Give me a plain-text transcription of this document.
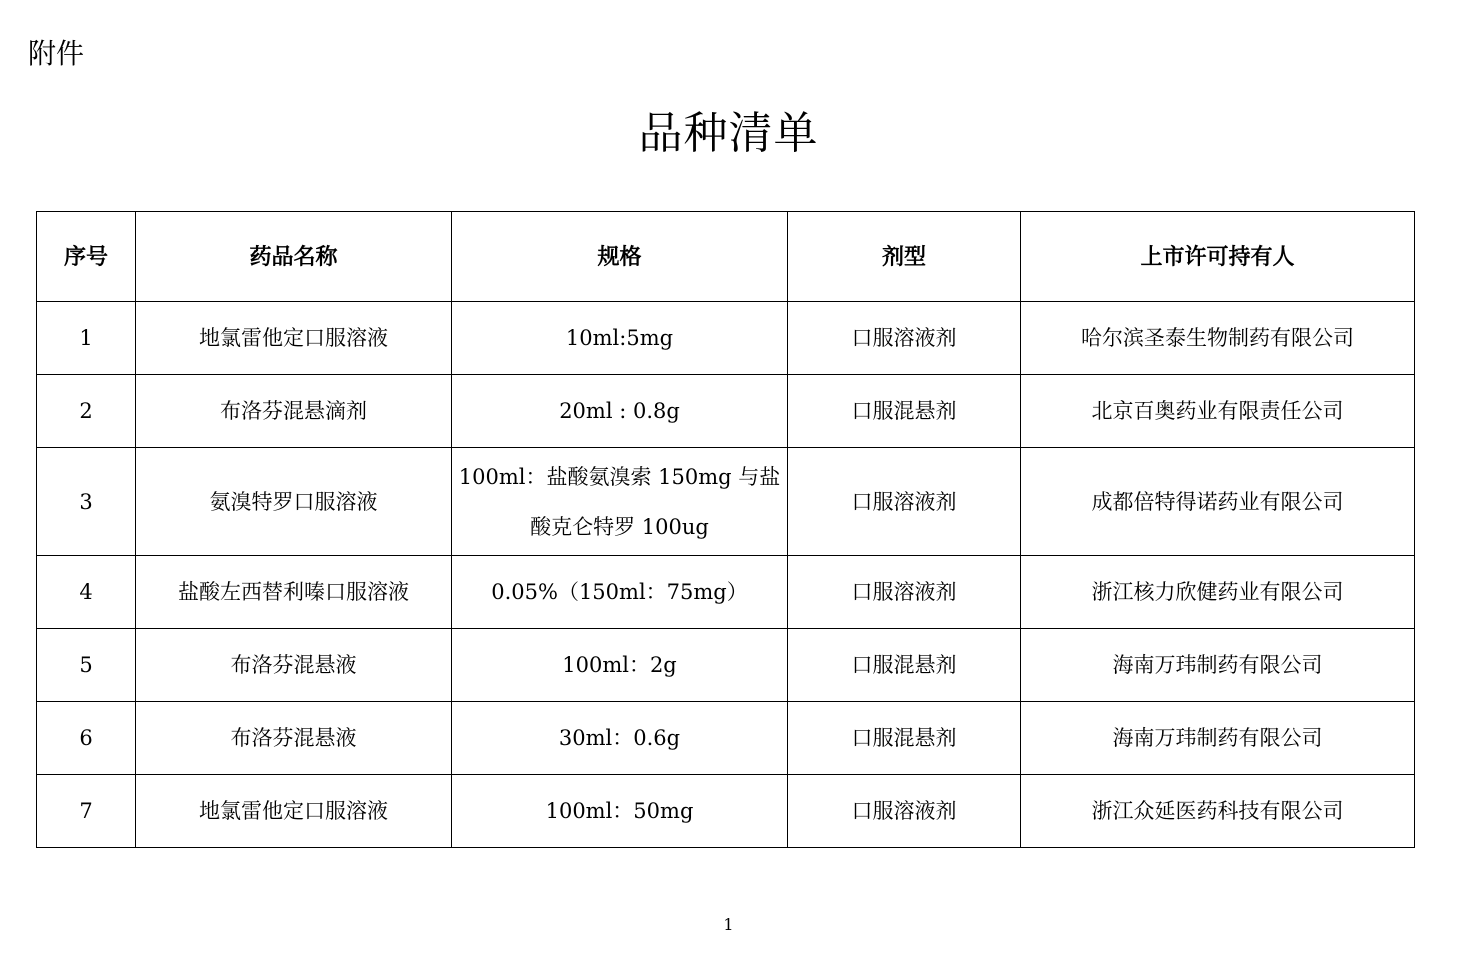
附件
品种清单
序号	药品名称	规格	剂型	上市许可持有人
1	地氯雷他定口服溶液	10ml:5mg	口服溶液剂	哈尔滨圣泰生物制药有限公司
2	布洛芬混悬滴剂	20ml : 0.8g	口服混悬剂	北京百奥药业有限责任公司
3	氨溴特罗口服溶液	100ml：盐酸氨溴索 150mg 与盐酸克仑特罗 100ug	口服溶液剂	成都倍特得诺药业有限公司
4	盐酸左西替利嗪口服溶液	0.05%（150ml：75mg）	口服溶液剂	浙江核力欣健药业有限公司
5	布洛芬混悬液	100ml：2g	口服混悬剂	海南万玮制药有限公司
6	布洛芬混悬液	30ml：0.6g	口服混悬剂	海南万玮制药有限公司
7	地氯雷他定口服溶液	100ml：50mg	口服溶液剂	浙江众延医药科技有限公司
1
